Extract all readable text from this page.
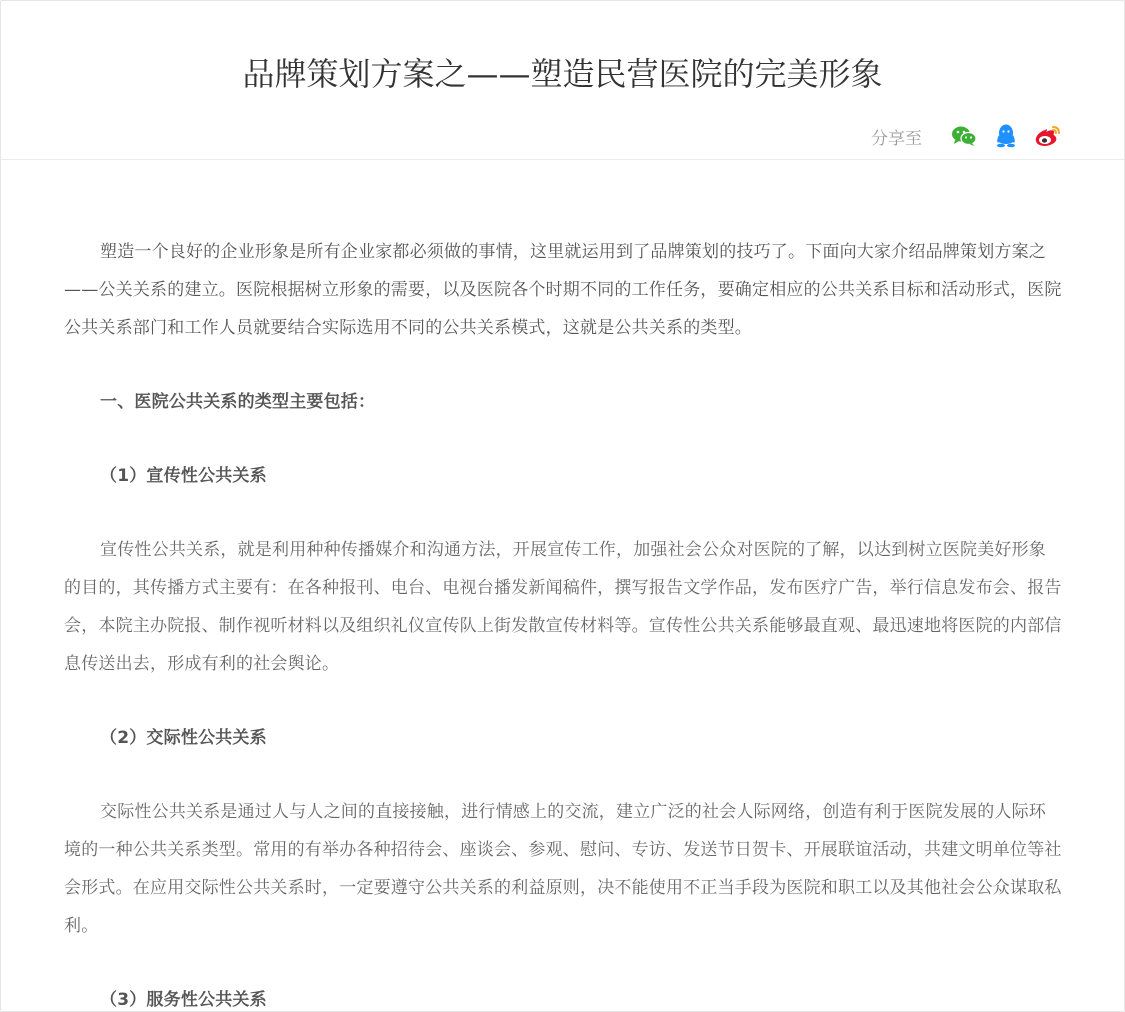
品牌策划方案之——塑造民营医院的完美形象
分享至

塑造一个良好的企业形象是所有企业家都必须做的事情，这里就运用到了品牌策划的技巧了。下面向大家介绍品牌策划方案之——公关关系的建立。医院根据树立形象的需要，以及医院各个时期不同的工作任务，要确定相应的公共关系目标和活动形式，医院公共关系部门和工作人员就要结合实际选用不同的公共关系模式，这就是公共关系的类型。

一、医院公共关系的类型主要包括：

（1）宣传性公共关系

宣传性公共关系，就是利用种种传播媒介和沟通方法，开展宣传工作，加强社会公众对医院的了解，以达到树立医院美好形象的目的，其传播方式主要有：在各种报刊、电台、电视台播发新闻稿件，撰写报告文学作品，发布医疗广告，举行信息发布会、报告会，本院主办院报、制作视听材料以及组织礼仪宣传队上街发散宣传材料等。宣传性公共关系能够最直观、最迅速地将医院的内部信息传送出去，形成有利的社会舆论。

（2）交际性公共关系

交际性公共关系是通过人与人之间的直接接触，进行情感上的交流，建立广泛的社会人际网络，创造有利于医院发展的人际环境的一种公共关系类型。常用的有举办各种招待会、座谈会、参观、慰问、专访、发送节日贺卡、开展联谊活动，共建文明单位等社会形式。在应用交际性公共关系时，一定要遵守公共关系的利益原则，决不能使用不正当手段为医院和职工以及其他社会公众谋取私利。

（3）服务性公共关系
